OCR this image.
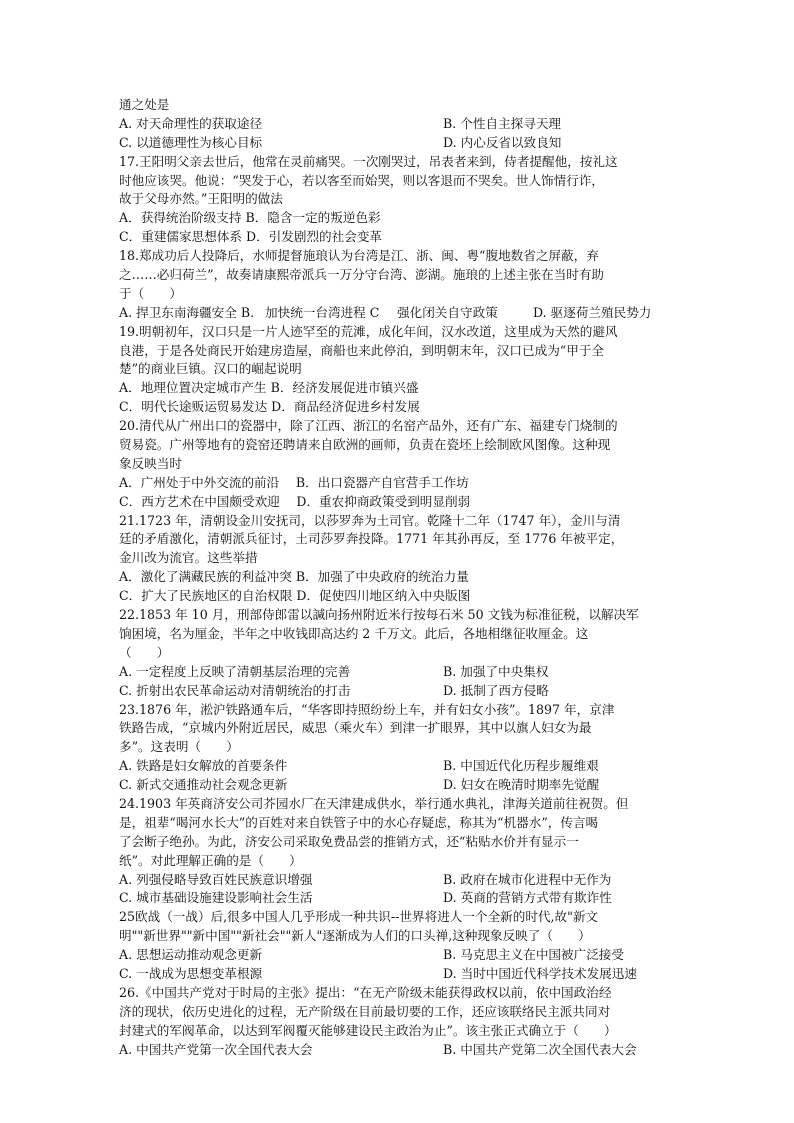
通之处是
A. 对天命理性的获取途径	B. 个性自主探寻天理
C. 以道德理性为核心目标	D. 内心反省以致良知
17.王阳明父亲去世后，他常在灵前痛哭。一次刚哭过，吊表者来到，侍者提醒他，按礼这
时他应该哭。他说：“哭发于心，若以客至而始哭，则以客退而不哭矣。世人饰情行诈，
故于父母亦然。”王阳明的做法
A．获得统治阶级支持 B．隐含一定的叛逆色彩
C．重建儒家思想体系 D．引发剧烈的社会变革
18.郑成功后人投降后，水师提督施琅认为台湾是江、浙、闽、粤“腹地数省之屏蔽，弃
之……必归荷兰”，故奏请康熙帝派兵一万分守台湾、澎湖。施琅的上述主张在当时有助
于（　　）
A. 捍卫东南海疆安全 B. 加快统一台湾进程 C	强化闭关自守政策	D. 驱逐荷兰殖民势力
19.明朝初年，汉口只是一片人迹罕至的荒滩，成化年间，汉水改道，这里成为天然的避风
良港，于是各处商民开始建房造屋，商船也来此停泊，到明朝末年，汉口已成为“甲于全
楚”的商业巨镇。汉口的崛起说明
A．地理位置决定城市产生 B．经济发展促进市镇兴盛
C．明代长途贩运贸易发达 D．商品经济促进乡村发展
20.清代从广州出口的瓷器中，除了江西、浙江的名窑产品外，还有广东、福建专门烧制的
贸易瓷。广州等地有的瓷窑还聘请来自欧洲的画师，负责在瓷坯上绘制欧风图像。这种现
象反映当时
A．广州处于中外交流的前沿　 B．出口瓷器产自官营手工作坊
C．西方艺术在中国颇受欢迎　 D．重农抑商政策受到明显削弱
21.1723 年，清朝设金川安抚司，以莎罗奔为土司官。乾隆十二年（1747 年），金川与清
廷的矛盾激化，清朝派兵征讨，土司莎罗奔投降。1771 年其孙再反，至 1776 年被平定，
金川改为流官。这些举措
A．激化了满藏民族的利益冲突 B．加强了中央政府的统治力量
C．扩大了民族地区的自治权限 D．促使四川地区纳入中央版图
22.1853 年 10 月，刑部侍郎雷以諴向扬州附近米行按每石米 50 文钱为标准征税，以解决军
饷困境，名为厘金，半年之中收钱即高达约 2 千万文。此后，各地相继征收厘金。这
（　　）
A. 一定程度上反映了清朝基层治理的完善	B. 加强了中央集权
C. 折射出农民革命运动对清朝统治的打击	D. 抵制了西方侵略
23.1876 年，淞沪铁路通车后，“华客即持照纷纷上车，并有妇女小孩”。1897 年，京津
铁路告成，“京城内外附近居民，威思（乘火车）到津一扩眼界，其中以旗人妇女为最
多”。这表明（　　）
A. 铁路是妇女解放的首要条件	B. 中国近代化历程步履维艰
C. 新式交通推动社会观念更新	D. 妇女在晚清时期率先觉醒
24.1903 年英商济安公司芥园水厂在天津建成供水，举行通水典礼，津海关道前往祝贺。但
是，祖辈“喝河水长大”的百姓对来自铁管子中的水心存疑虑，称其为“机器水”，传言喝
了会断子绝孙。为此，济安公司采取免费品尝的推销方式，还“粘贴水价并有显示一
纸”。对此理解正确的是（　　）
A. 列强侵略导致百姓民族意识增强	B. 政府在城市化进程中无作为
C. 城市基础设施建设影响社会生活	D. 英商的营销方式带有欺诈性
25欧战（一战）后,很多中国人几乎形成一种共识--世界将进人一个全新的时代,故"新文
明""新世界""新中国""新社会""新人"逐渐成为人们的口头禅,这种现象反映了（　　）
A. 思想运动推动观念更新	B. 马克思主义在中国被广泛接受
C. 一战成为思想变革根源	D. 当时中国近代科学技术发展迅速
26.《中国共产党对于时局的主张》提出：“在无产阶级未能获得政权以前，依中国政治经
济的现状，依历史进化的过程，无产阶级在目前最切要的工作，还应该联络民主派共同对
封建式的军阀革命，以达到军阀覆灭能够建设民主政治为止”。该主张正式确立于（　　）
A. 中国共产党第一次全国代表大会	B. 中国共产党第二次全国代表大会
